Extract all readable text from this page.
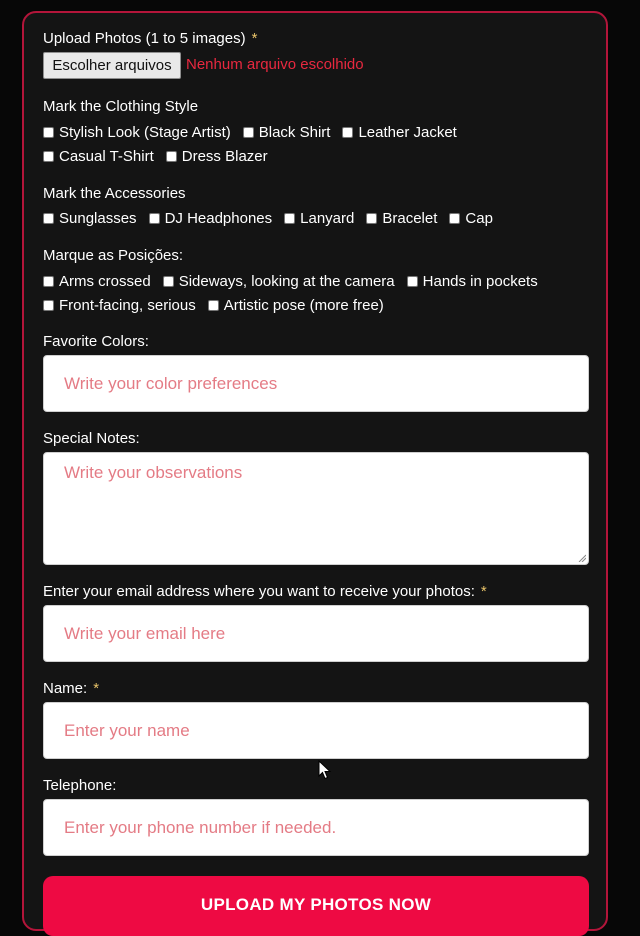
Upload Photos (1 to 5 images) *
Escolher arquivos Nenhum arquivo escolhido
Mark the Clothing Style
Stylish Look (Stage Artist) Black Shirt Leather Jacket
Casual T-Shirt Dress Blazer
Mark the Accessories
Sunglasses DJ Headphones Lanyard Bracelet Cap
Marque as Posições:
Arms crossed Sideways, looking at the camera Hands in pockets
Front-facing, serious Artistic pose (more free)
Favorite Colors:
Write your color preferences
Special Notes:
Write your observations
Enter your email address where you want to receive your photos: *
Write your email here
Name: *
Enter your name
Telephone:
Enter your phone number if needed.
UPLOAD MY PHOTOS NOW
